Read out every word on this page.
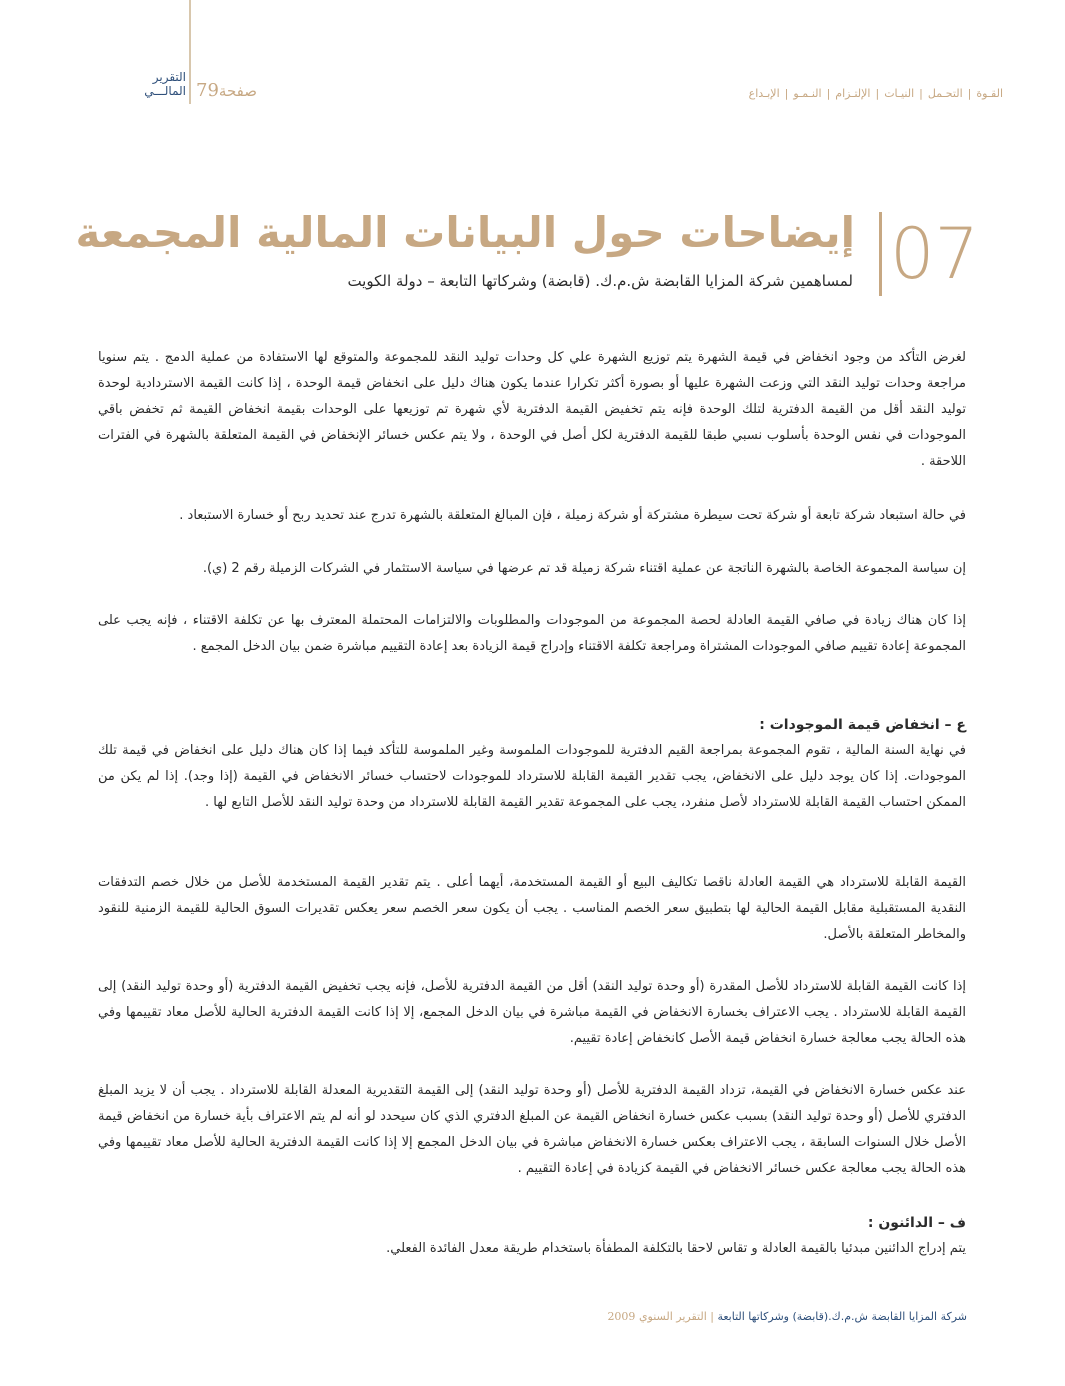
التقرير
المالـــي	صفحة79	القـوة|التحـمل|النيـات|الإلتـزام|النـمـو|الإبـداع
07
إيضاحات حول البيانات المالية المجمعة
لمساهمين شركة المزايا القابضة ش.م.ك. (قابضة) وشركاتها التابعة – دولة الكويت

لغرض التأكد من وجود انخفاض في قيمة الشهرة يتم توزيع الشهرة علي كل وحدات توليد النقد للمجموعة والمتوقع لها الاستفادة من عملية الدمج . يتم سنويا مراجعة وحدات توليد النقد التي وزعت الشهرة عليها أو بصورة أكثر تكرارا عندما يكون هناك دليل على انخفاض قيمة الوحدة ، إذا كانت القيمة الاستردادية لوحدة توليد النقد أقل من القيمة الدفترية لتلك الوحدة فإنه يتم تخفيض القيمة الدفترية لأي شهرة تم توزيعها على الوحدات بقيمة انخفاض القيمة ثم تخفض باقي الموجودات في نفس الوحدة بأسلوب نسبي طبقا للقيمة الدفترية لكل أصل في الوحدة ، ولا يتم عكس خسائر الإنخفاض في القيمة المتعلقة بالشهرة في الفترات اللاحقة .

في حالة استبعاد شركة تابعة أو شركة تحت سيطرة مشتركة أو شركة زميلة ، فإن المبالغ المتعلقة بالشهرة تدرج عند تحديد ربح أو خسارة الاستبعاد .

إن سياسة المجموعة الخاصة بالشهرة الناتجة عن عملية اقتناء شركة زميلة قد تم عرضها في سياسة الاستثمار في الشركات الزميلة رقم 2 (ي).

إذا كان هناك زيادة في صافي القيمة العادلة لحصة المجموعة من الموجودات والمطلوبات والالتزامات المحتملة المعترف بها عن تكلفة الاقتناء ، فإنه يجب على المجموعة إعادة تقييم صافي الموجودات المشتراة ومراجعة تكلفة الاقتناء وإدراج قيمة الزيادة بعد إعادة التقييم مباشرة ضمن بيان الدخل المجمع .

ع – انخفاض قيمة الموجودات :

في نهاية السنة المالية ، تقوم المجموعة بمراجعة القيم الدفترية للموجودات الملموسة وغير الملموسة للتأكد فيما إذا كان هناك دليل على انخفاض في قيمة تلك الموجودات. إذا كان يوجد دليل على الانخفاض، يجب تقدير القيمة القابلة للاسترداد للموجودات لاحتساب خسائر الانخفاض في القيمة (إذا وجد). إذا لم يكن من الممكن احتساب القيمة القابلة للاسترداد لأصل منفرد، يجب على المجموعة تقدير القيمة القابلة للاسترداد من وحدة توليد النقد للأصل التابع لها .

القيمة القابلة للاسترداد هي القيمة العادلة ناقصا تكاليف البيع أو القيمة المستخدمة، أيهما أعلى . يتم تقدير القيمة المستخدمة للأصل من خلال خصم التدفقات النقدية المستقبلية مقابل القيمة الحالية لها بتطبيق سعر الخصم المناسب . يجب أن يكون سعر الخصم سعر يعكس تقديرات السوق الحالية للقيمة الزمنية للنقود والمخاطر المتعلقة بالأصل.

إذا كانت القيمة القابلة للاسترداد للأصل المقدرة (أو وحدة توليد النقد) أقل من القيمة الدفترية للأصل، فإنه يجب تخفيض القيمة الدفترية (أو وحدة توليد النقد) إلى القيمة القابلة للاسترداد . يجب الاعتراف بخسارة الانخفاض في القيمة مباشرة في بيان الدخل المجمع، إلا إذا كانت القيمة الدفترية الحالية للأصل معاد تقييمها وفي هذه الحالة يجب معالجة خسارة انخفاض قيمة الأصل كانخفاض إعادة تقييم.

عند عكس خسارة الانخفاض في القيمة، تزداد القيمة الدفترية للأصل (أو وحدة توليد النقد) إلى القيمة التقديرية المعدلة القابلة للاسترداد . يجب أن لا يزيد المبلغ الدفتري للأصل (أو وحدة توليد النقد) بسبب عكس خسارة انخفاض القيمة عن المبلغ الدفتري الذي كان سيحدد لو أنه لم يتم الاعتراف بأية خسارة من انخفاض قيمة الأصل خلال السنوات السابقة ، يجب الاعتراف بعكس خسارة الانخفاض مباشرة في بيان الدخل المجمع إلا إذا كانت القيمة الدفترية الحالية للأصل معاد تقييمها وفي هذه الحالة يجب معالجة عكس خسائر الانخفاض في القيمة كزيادة في إعادة التقييم .

ف – الدائنون :

يتم إدراج الدائنين مبدئيا بالقيمة العادلة و تقاس لاحقا بالتكلفة المطفأة باستخدام طريقة معدل الفائدة الفعلي.

شركة المزايا القابضة ش.م.ك.(قابضة) وشركاتها التابعة | التقرير السنوي 2009
